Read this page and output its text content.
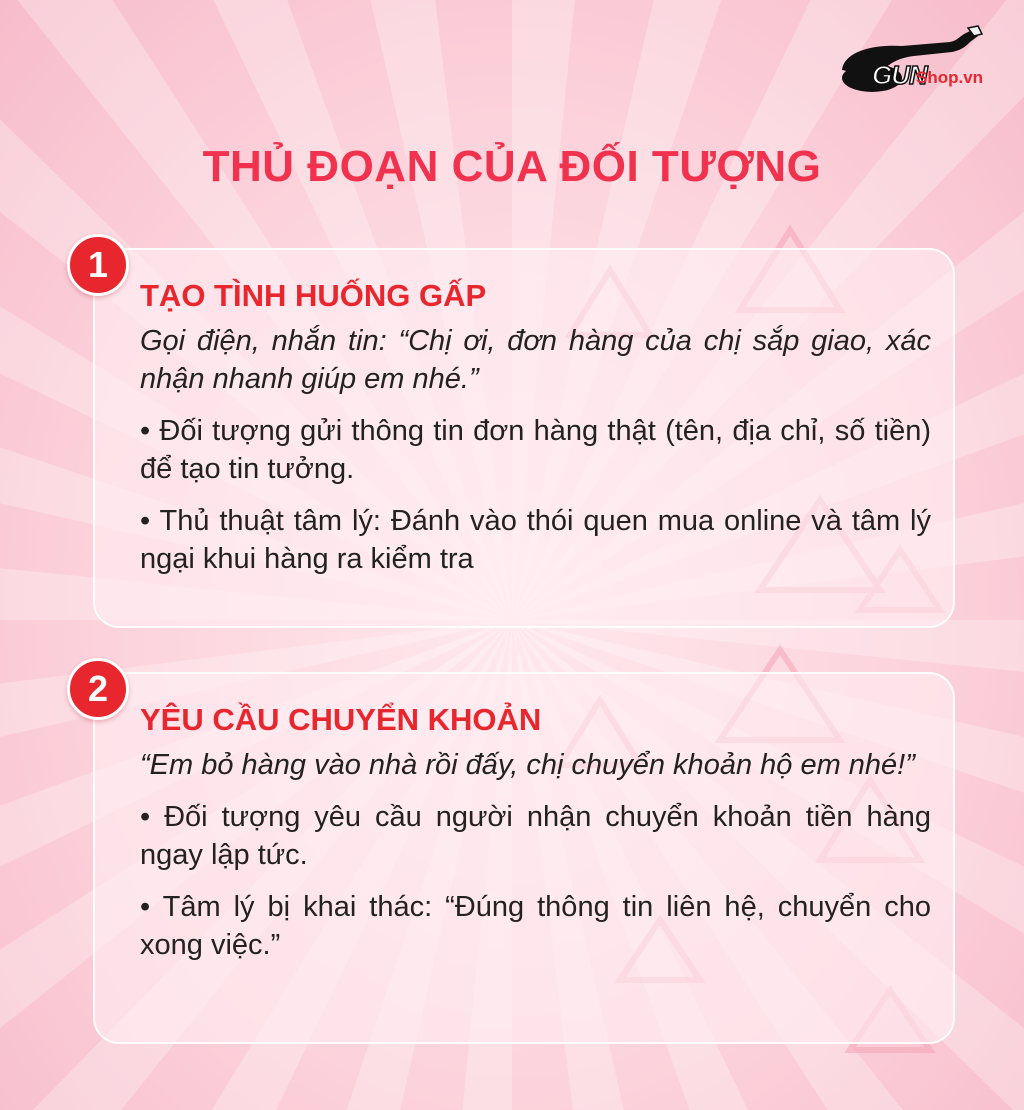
GUN
Shop.vn
THỦ ĐOẠN CỦA ĐỐI TƯỢNG
1
TẠO TÌNH HUỐNG GẤP

Gọi điện, nhắn tin: “Chị ơi, đơn hàng của chị sắp giao, xác nhận nhanh giúp em nhé.”

• Đối tượng gửi thông tin đơn hàng thật (tên, địa chỉ, số tiền) để tạo tin tưởng.

• Thủ thuật tâm lý: Đánh vào thói quen mua online và tâm lý ngại khui hàng ra kiểm tra

2
YÊU CẦU CHUYỂN KHOẢN

“Em bỏ hàng vào nhà rồi đấy, chị chuyển khoản hộ em nhé!”

• Đối tượng yêu cầu người nhận chuyển khoản tiền hàng ngay lập tức.

• Tâm lý bị khai thác: “Đúng thông tin liên hệ, chuyển cho xong việc.”
